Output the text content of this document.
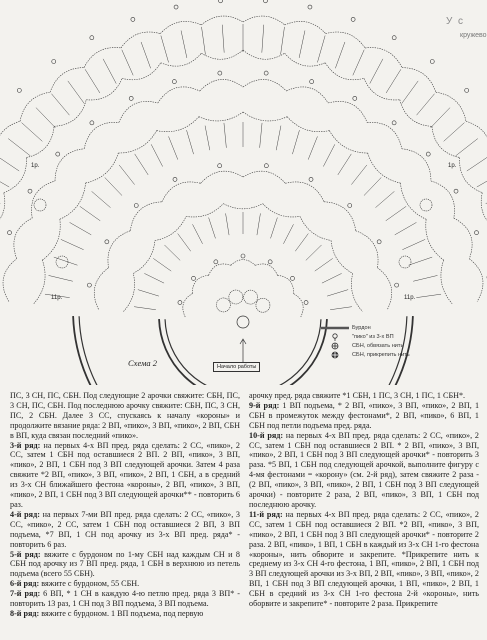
У с
кружево
1р.
11р.
1р.
11р.
Схема 2	Начало работы
Бурдон
"пико" из 3-х ВП
СБН, обвязать нить
СБН, прикрепить нить

ПС, 3 СН, ПС, СБН. Под следующие 2 арочки свяжите: СБН, ПС, 3 СН, ПС, СБН. Под последнюю арочку свяжите: СБН, ПС, 3 СН, ПС, 2 СБН. Далее 3 СС, спускаясь к началу «короны» и продолжите вязание ряда: 2 ВП, «пико», 3 ВП, «пико», 2 ВП, СБН в ВП, куда связан последний «пико».

3-й ряд: на первых 4-х ВП пред. ряда сделать: 2 СС, «пико», 2 СС, затем 1 СБН под оставшиеся 2 ВП. 2 ВП, «пико», 3 ВП, «пико», 2 ВП, 1 СБН под 3 ВП следующей арочки. Затем 4 раза свяжите *2 ВП, «пико», 3 ВП, «пико», 2 ВП, 1 СБН, а в средний из 3-х СН ближайшего фестона «короны», 2 ВП, «пико», 3 ВП, «пико», 2 ВП, 1 СБН под 3 ВП следующей арочки** - повторить 6 раз.

4-й ряд: на первых 7-ми ВП пред. ряда сделать: 2 СС, «пико», 3 СС, «пико», 2 СС, затем 1 СБН под оставшиеся 2 ВП, 3 ВП подъема, *7 ВП, 1 СН под арочку из 3-х ВП пред. ряда* - повторить 6 раз.

5-й ряд: вяжите с бурдоном по 1-му СБН над каждым СН и 8 СБН под арочку из 7 ВП пред. ряда, 1 СБН в верхнюю из петель подъема (всего 55 СБН).

6-й ряд: вяжите с бурдоном, 55 СБН.

7-й ряд: 6 ВП, * 1 СН в каждую 4-ю петлю пред. ряда 3 ВП* - повторить 13 раз, 1 СН под 3 ВП подъема, 3 ВП подъема.

8-й ряд: вяжите с бурдоном. 1 ВП подъема, под первую

арочку пред. ряда свяжите *1 СБН, 1 ПС, 3 СН, 1 ПС, 1 СБН*.

9-й ряд: 1 ВП подъема, * 2 ВП, «пико», 3 ВП, «пико», 2 ВП, 1 СБН в промежуток между фестонами*, 2 ВП, «пико», 6 ВП, 1 СБН под петли подъема пред. ряда.

10-й ряд: на первых 4-х ВП пред. ряда сделать: 2 СС, «пико», 2 СС, затем 1 СБН под оставшиеся 2 ВП. * 2 ВП, «пико», 3 ВП, «пико», 2 ВП, 1 СБН под 3 ВП следующей арочки* - повторить 3 раза. *5 ВП, 1 СБН под следующей арочкой, выполните фигуру с 4-мя фестонами = «корону» (см. 2-й ряд), затем свяжите 2 раза - (2 ВП, «пико», 3 ВП, «пико», 2 ВП, 1 СБН под 3 ВП следующей арочки) - повторите 2 раза, 2 ВП, «пико», 3 ВП, 1 СБН под последнюю арочку.

11-й ряд: на первых 4-х ВП пред. ряда сделать: 2 СС, «пико», 2 СС, затем 1 СБН под оставшиеся 2 ВП. *2 ВП, «пико», 3 ВП, «пико», 2 ВП, 1 СБН под 3 ВП следующей арочки* - повторите 2 раза. 2 ВП, «пико», 1 ВП, 1 СБН в каждый из 3-х СН 1-го фестона «короны», нить обворите и закрепите. *Прикрепите нить к среднему из 3-х СН 4-го фестона, 1 ВП, «пико», 2 ВП, 1 СБН под 3 ВП следующей арочки из 3-х ВП, 2 ВП, «пико», 3 ВП, «пико», 2 ВП, 1 СБН под 3 ВП следующей арочки, 1 ВП, «пико», 2 ВП, 1 СБН в средний из 3-х СН 1-го фестона 2-й «короны», нить оборвите и закрепите* - повторите 2 раза. Прикрепите
